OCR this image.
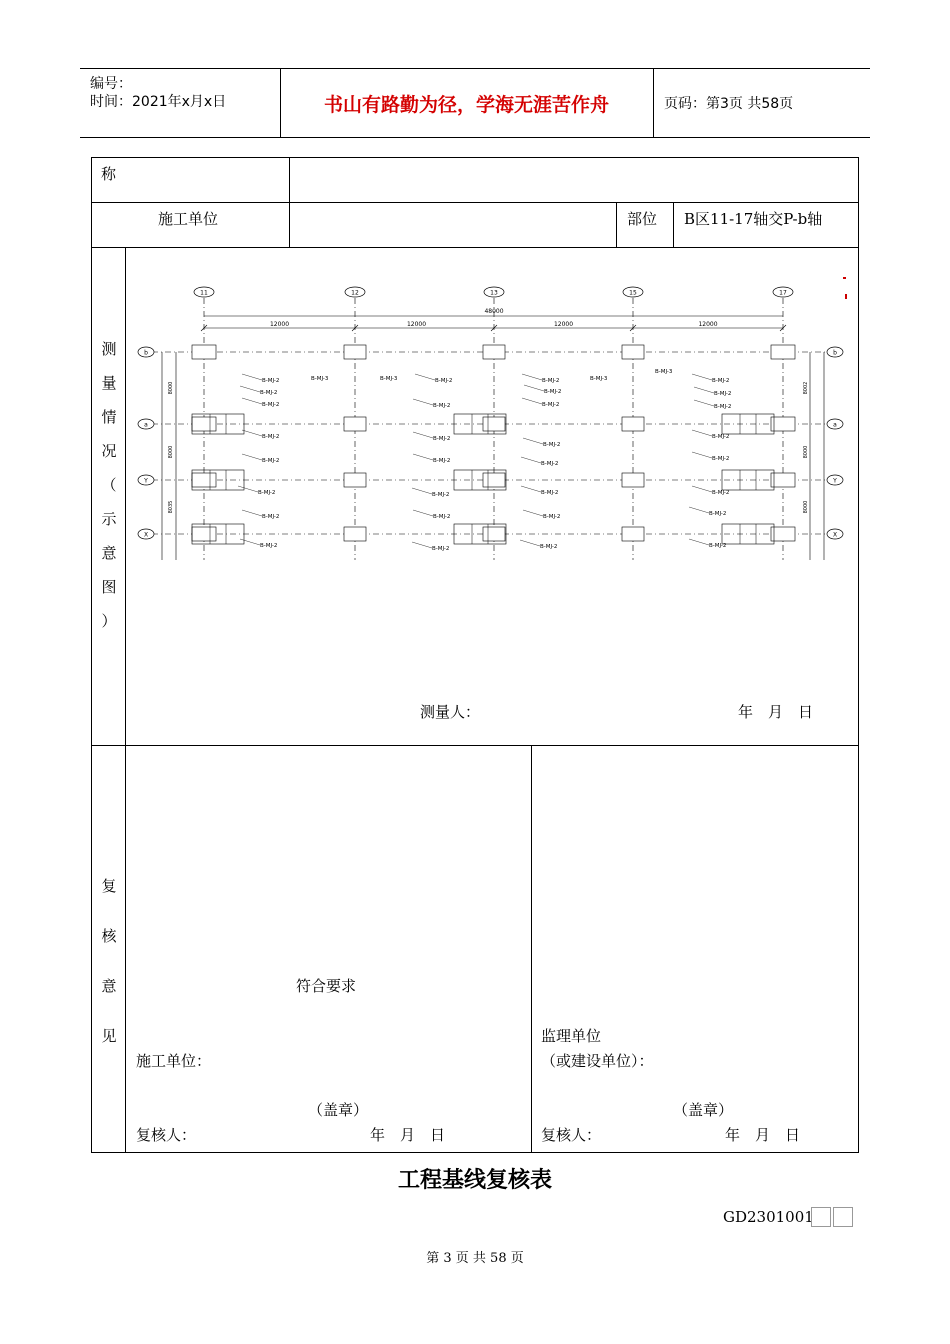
编号：
时间：2021年x月x日	书山有路勤为径，学海无涯苦作舟	页码：第3页 共58页
称
施工单位	部位 B区11-17轴交P-b轴
测
量
情
况
（
示
意
图
）
测量人：	年　月　日
复
核
意
见
符合要求
施工单位：
（盖章）
复核人：	年　月　日
监理单位
（或建设单位）：
（盖章）
复核人：	年　月　日
11	12	13	15	17
48000
12000	12000	12000	12000
b	b
a	a
Y	Y
X	X
8000	8002
8000	8000
8035	8000
B-MJ-2
B-MJ-2
B-MJ-2
B-MJ-2
B-MJ-2
B-MJ-2
B-MJ-2
B-MJ-2
B-MJ-2
B-MJ-2
B-MJ-2
B-MJ-2
B-MJ-2
B-MJ-2
B-MJ-2
B-MJ-2
B-MJ-2
B-MJ-2
B-MJ-2
B-MJ-2
B-MJ-2
B-MJ-2
B-MJ-2
B-MJ-2
B-MJ-2
B-MJ-2
B-MJ-2
B-MJ-2
B-MJ-2
B-MJ-2
B-MJ-2
B-MJ-3	B-MJ-3	B-MJ-3
B-MJ-3
工程基线复核表
GD2301001
第 3 页 共 58 页
